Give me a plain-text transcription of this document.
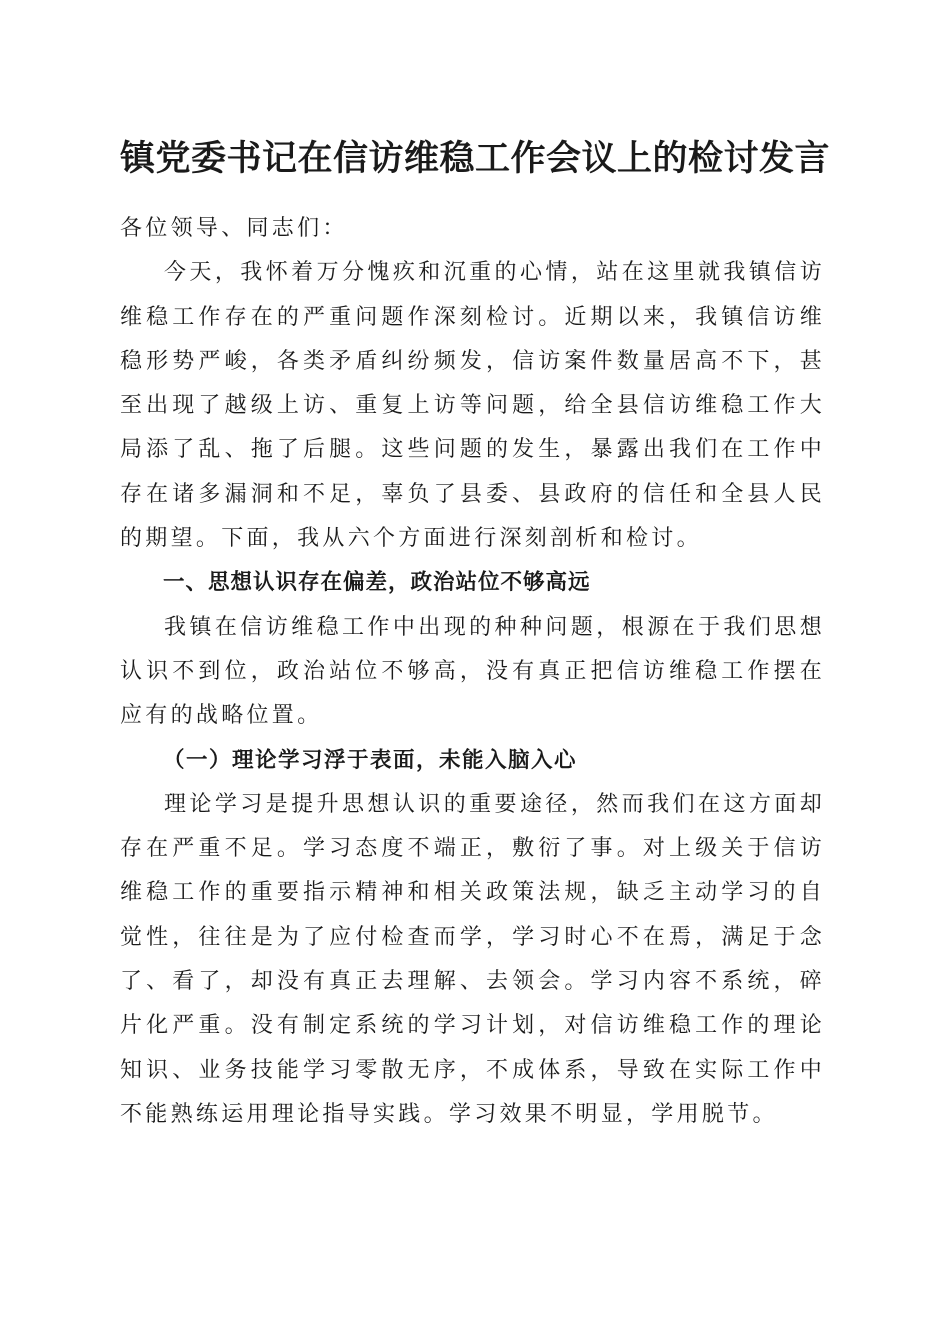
镇党委书记在信访维稳工作会议上的检讨发言

各位领导、同志们：

今天，我怀着万分愧疚和沉重的心情，站在这里就我镇信访维稳工作存在的严重问题作深刻检讨。近期以来，我镇信访维稳形势严峻，各类矛盾纠纷频发，信访案件数量居高不下，甚至出现了越级上访、重复上访等问题，给全县信访维稳工作大局添了乱、拖了后腿。这些问题的发生，暴露出我们在工作中存在诸多漏洞和不足，辜负了县委、县政府的信任和全县人民的期望。下面，我从六个方面进行深刻剖析和检讨。

一、思想认识存在偏差，政治站位不够高远

我镇在信访维稳工作中出现的种种问题，根源在于我们思想认识不到位，政治站位不够高，没有真正把信访维稳工作摆在应有的战略位置。

（一）理论学习浮于表面，未能入脑入心

理论学习是提升思想认识的重要途径，然而我们在这方面却存在严重不足。学习态度不端正，敷衍了事。对上级关于信访维稳工作的重要指示精神和相关政策法规，缺乏主动学习的自觉性，往往是为了应付检查而学，学习时心不在焉，满足于念了、看了，却没有真正去理解、去领会。学习内容不系统，碎片化严重。没有制定系统的学习计划，对信访维稳工作的理论知识、业务技能学习零散无序，不成体系，导致在实际工作中不能熟练运用理论指导实践。学习效果不明显，学用脱节。
